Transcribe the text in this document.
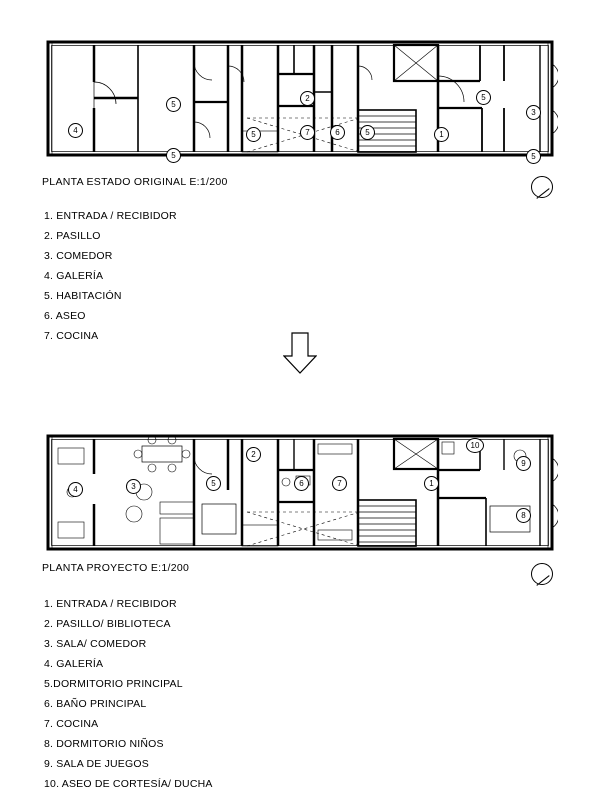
5
4
5
5
2
7	6	5	1
5
3
5
PLANTA ESTADO ORIGINAL E:1/200
1. ENTRADA / RECIBIDOR
2. PASILLO
3. COMEDOR
4. GALERÍA
5. HABITACIÓN
6. ASEO
7. COCINA
4	3
2
5	6	7	1
10
9
8
PLANTA PROYECTO E:1/200
1. ENTRADA / RECIBIDOR
2. PASILLO/ BIBLIOTECA
3. SALA/ COMEDOR
4. GALERÍA
5.DORMITORIO PRINCIPAL
6. BAÑO PRINCIPAL
7. COCINA
8. DORMITORIO NIÑOS
9. SALA DE JUEGOS
10. ASEO DE CORTESÍA/ DUCHA
